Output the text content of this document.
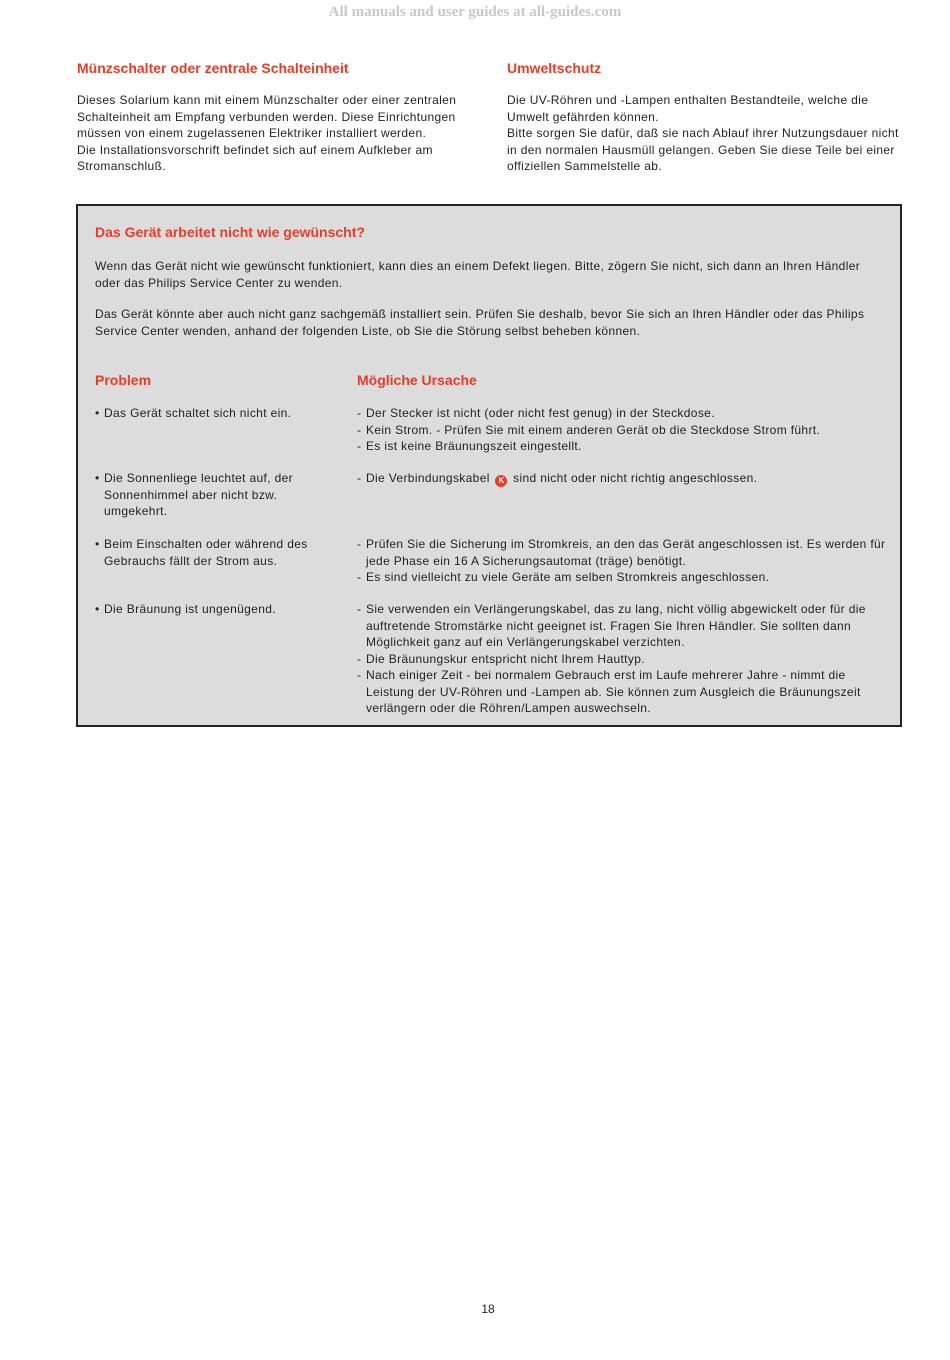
All manuals and user guides at all-guides.com
Münzschalter oder zentrale Schalteinheit

Dieses Solarium kann mit einem Münzschalter oder einer zentralen

Schalteinheit am Empfang verbunden werden. Diese Einrichtungen

müssen von einem zugelassenen Elektriker installiert werden.

Die Installationsvorschrift befindet sich auf einem Aufkleber am

Stromanschluß.

Umweltschutz

Die UV-Röhren und -Lampen enthalten Bestandteile, welche die

Umwelt gefährden können.

Bitte sorgen Sie dafür, daß sie nach Ablauf ihrer Nutzungsdauer nicht

in den normalen Hausmüll gelangen. Geben Sie diese Teile bei einer

offiziellen Sammelstelle ab.

Das Gerät arbeitet nicht wie gewünscht?
Wenn das Gerät nicht wie gewünscht funktioniert, kann dies an einem Defekt liegen. Bitte, zögern Sie nicht, sich dann an Ihren Händler
oder das Philips Service Center zu wenden.
Das Gerät könnte aber auch nicht ganz sachgemäß installiert sein. Prüfen Sie deshalb, bevor Sie sich an Ihren Händler oder das Philips
Service Center wenden, anhand der folgenden Liste, ob Sie die Störung selbst beheben können.
Problem	Mögliche Ursache
• Das Gerät schaltet sich nicht ein.	- Der Stecker ist nicht (oder nicht fest genug) in der Steckdose.
- Kein Strom. - Prüfen Sie mit einem anderen Gerät ob die Steckdose Strom führt.
- Es ist keine Bräunungszeit eingestellt.
• Die Sonnenliege leuchtet auf, der
Sonnenhimmel aber nicht bzw.
umgekehrt.
- Die Verbindungskabel K sind nicht oder nicht richtig angeschlossen.
• Beim Einschalten oder während des
Gebrauchs fällt der Strom aus.
- Prüfen Sie die Sicherung im Stromkreis, an den das Gerät angeschlossen ist. Es werden für
jede Phase ein 16 A Sicherungsautomat (träge) benötigt.
- Es sind vielleicht zu viele Geräte am selben Stromkreis angeschlossen.
• Die Bräunung ist ungenügend.	- Sie verwenden ein Verlängerungskabel, das zu lang, nicht völlig abgewickelt oder für die
auftretende Stromstärke nicht geeignet ist. Fragen Sie Ihren Händler. Sie sollten dann
Möglichkeit ganz auf ein Verlängerungskabel verzichten.
- Die Bräunungskur entspricht nicht Ihrem Hauttyp.
- Nach einiger Zeit - bei normalem Gebrauch erst im Laufe mehrerer Jahre - nimmt die
Leistung der UV-Röhren und -Lampen ab. Sie können zum Ausgleich die Bräunungszeit
verlängern oder die Röhren/Lampen auswechseln.
18
